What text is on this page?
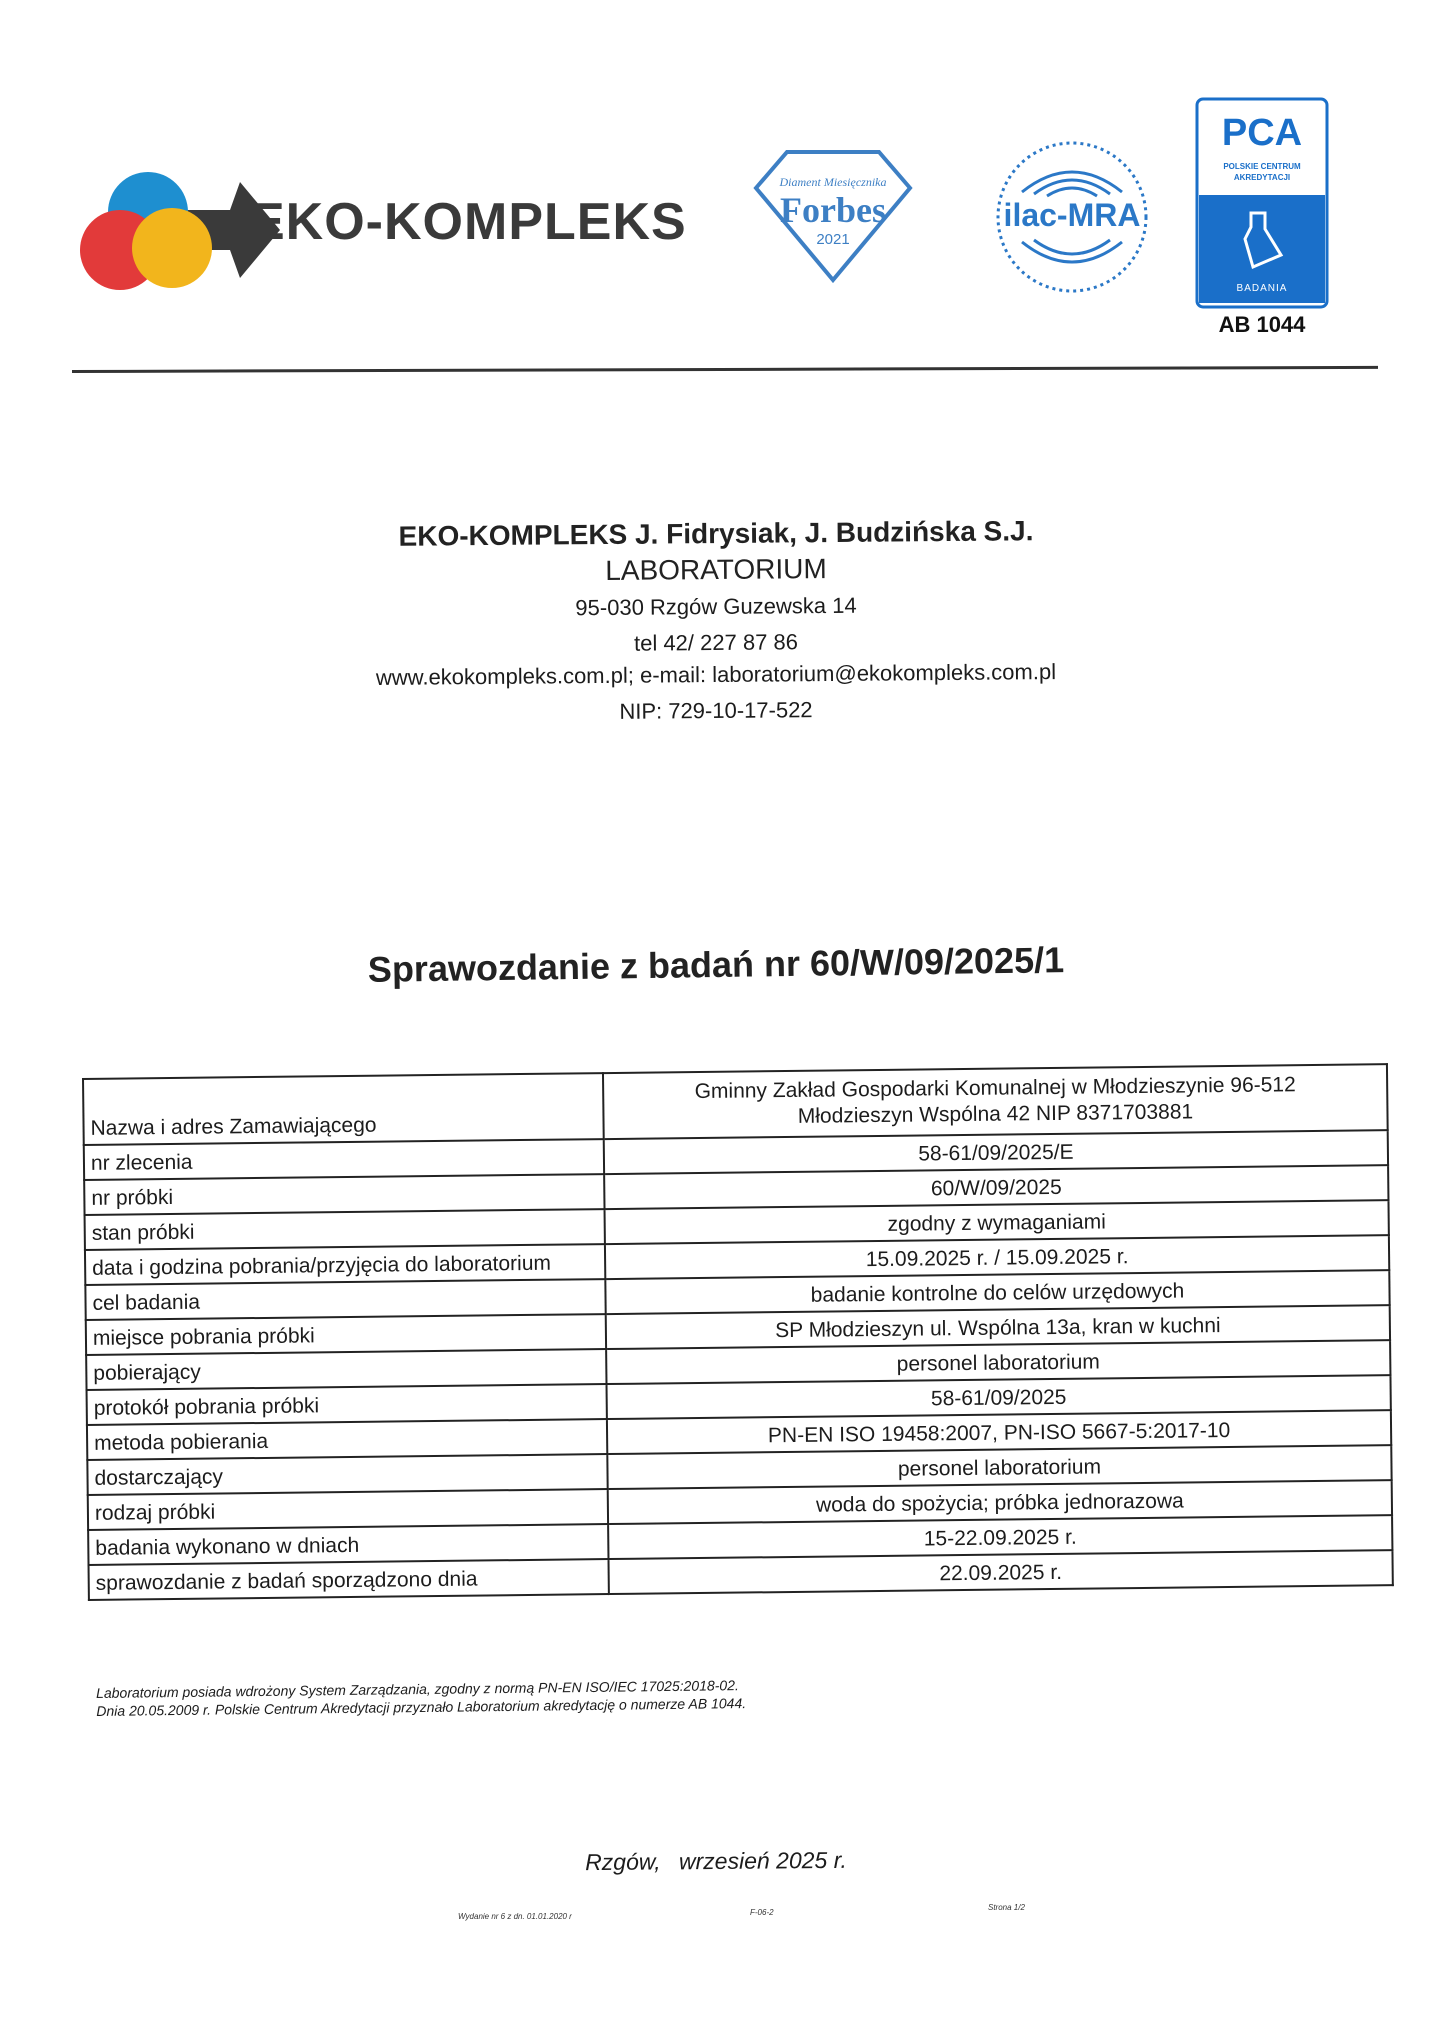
EKO-KOMPLEKS
Diament Miesięcznika
Forbes
2021
ilac-MRA
PCA
POLSKIE CENTRUM
AKREDYTACJI
BADANIA
AB 1044
EKO-KOMPLEKS J. Fidrysiak, J. Budzińska S.J.
LABORATORIUM
95-030 Rzgów Guzewska 14
tel 42/ 227 87 86
www.ekokompleks.com.pl; e-mail: laboratorium@ekokompleks.com.pl
NIP: 729-10-17-522
Sprawozdanie z badań nr 60/W/09/2025/1
Nazwa i adres Zamawiającego	Gminny Zakład Gospodarki Komunalnej w Młodzieszynie 96-512
Młodzieszyn Wspólna 42 NIP 8371703881

nr zlecenia	58-61/09/2025/E
nr próbki	60/W/09/2025
stan próbki	zgodny z wymaganiami
data i godzina pobrania/przyjęcia do laboratorium	15.09.2025 r. / 15.09.2025 r.
cel badania	badanie kontrolne do celów urzędowych
miejsce pobrania próbki	SP Młodzieszyn ul. Wspólna 13a, kran w kuchni
pobierający	personel laboratorium
protokół pobrania próbki	58-61/09/2025
metoda pobierania	PN-EN ISO 19458:2007, PN-ISO 5667-5:2017-10
dostarczający	personel laboratorium
rodzaj próbki	woda do spożycia; próbka jednorazowa
badania wykonano w dniach	15-22.09.2025 r.
sprawozdanie z badań sporządzono dnia	22.09.2025 r.
Laboratorium posiada wdrożony System Zarządzania, zgodny z normą PN-EN ISO/IEC 17025:2018-02.
Dnia 20.05.2009 r. Polskie Centrum Akredytacji przyznało Laboratorium akredytację o numerze AB 1044.
Rzgów, wrzesień 2025 r.
Wydanie nr 6 z dn. 01.01.2020 r	F-06-2
Strona 1/2
